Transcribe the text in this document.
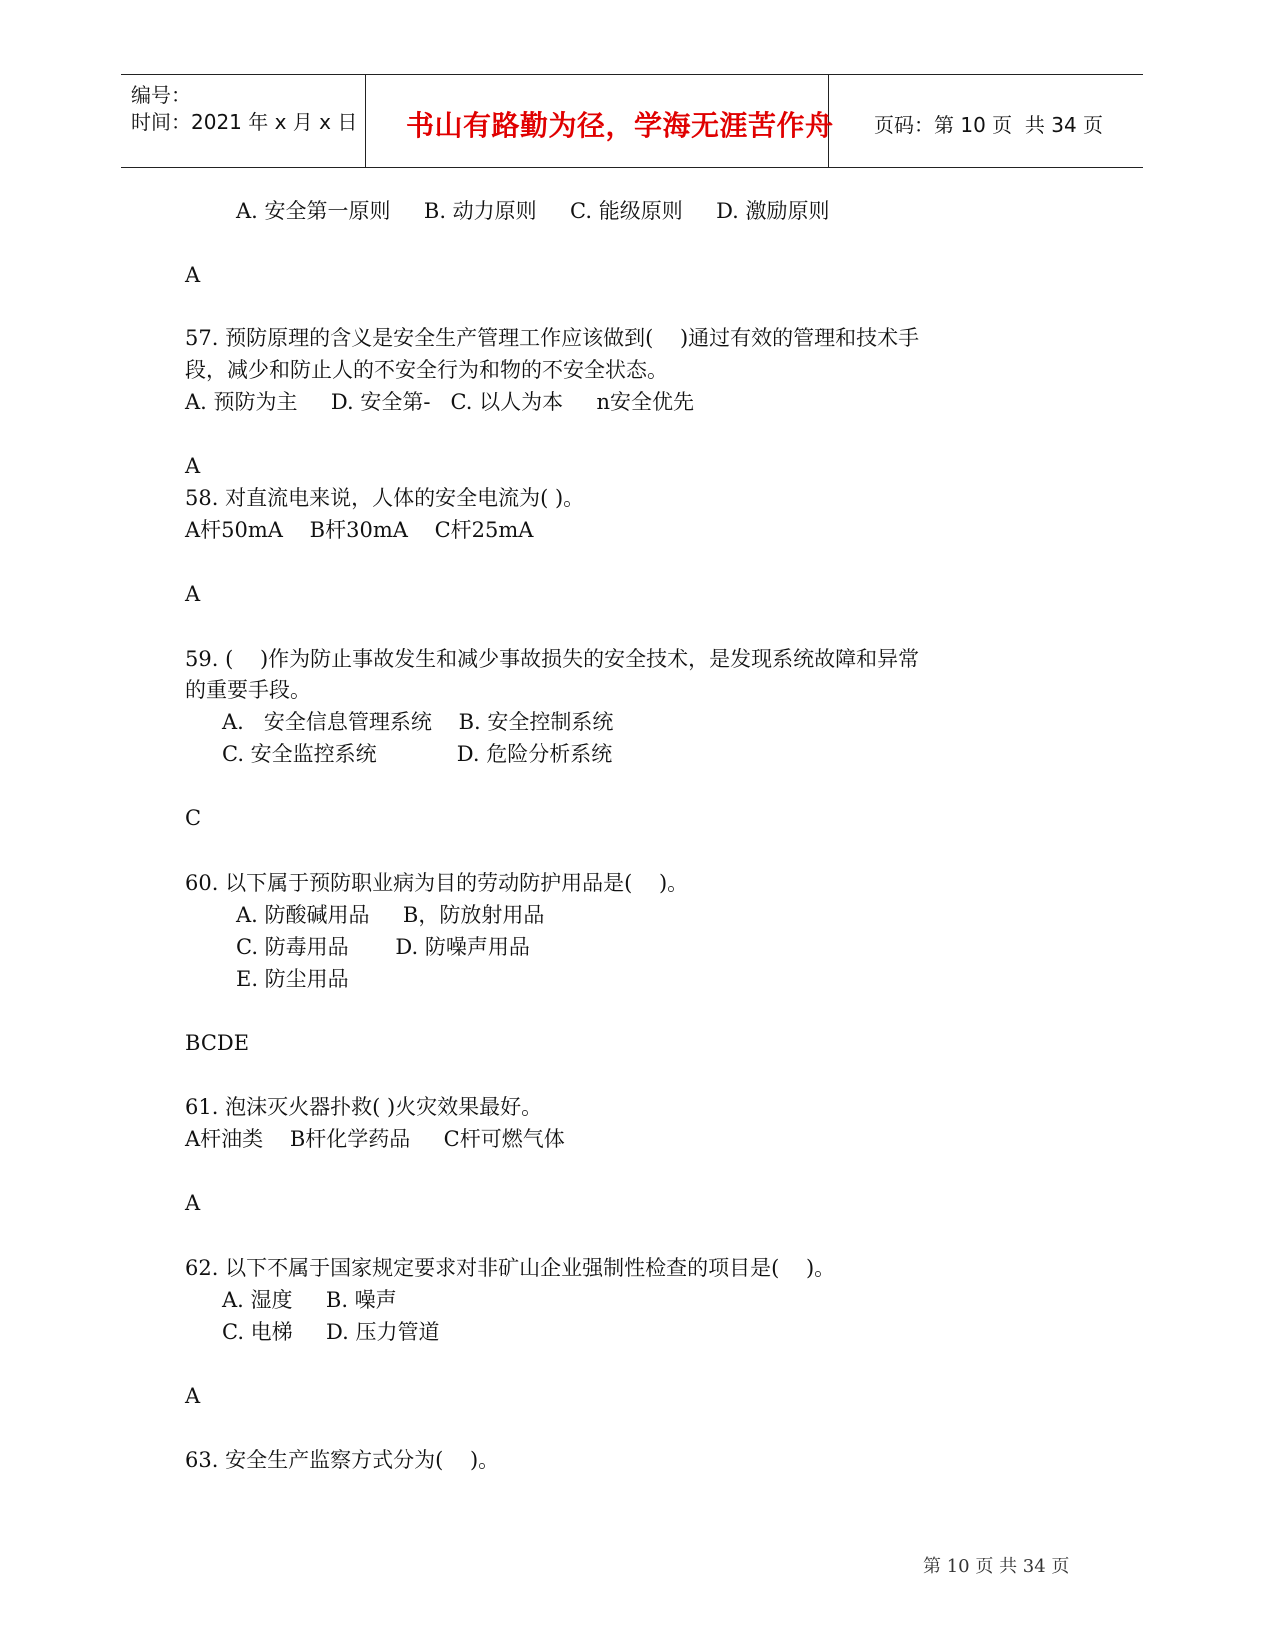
编号：
时间：2021 年 x 月 x 日 书山有路勤为径，学海无涯苦作舟 页码：第 10 页  共 34 页
A. 安全第一原则     B. 动力原则     C. 能级原则     D. 激励原则
A
57. 预防原理的含义是安全生产管理工作应该做到(    )通过有效的管理和技术手
段，减少和防止人的不安全行为和物的不安全状态。
A. 预防为主     D. 安全第-   C. 以人为本     n安全优先
A
58. 对直流电来说，人体的安全电流为( )。
A杆50mA    B杆30mA    C杆25mA
A
59. (    )作为防止事故发生和减少事故损失的安全技术，是发现系统故障和异常
的重要手段。
A.   安全信息管理系统    B. 安全控制系统
C. 安全监控系统            D. 危险分析系统
C
60. 以下属于预防职业病为目的劳动防护用品是(    )。
A. 防酸碱用品     B，防放射用品
C. 防毒用品       D. 防噪声用品
E. 防尘用品
BCDE
61. 泡沫灭火器扑救( )火灾效果最好。
A杆油类    B杆化学药品     C杆可燃气体
A
62. 以下不属于国家规定要求对非矿山企业强制性检查的项目是(    )。
A. 湿度     B. 噪声
C. 电梯     D. 压力管道
A
63. 安全生产监察方式分为(    )。
第 10 页 共 34 页
